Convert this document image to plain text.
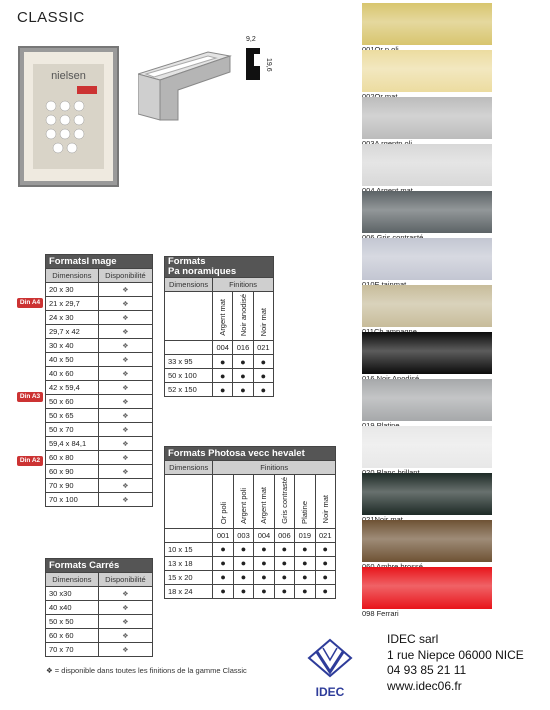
CLASSIC
nielsen
9,2
19,6
FormatsI mage	
Dimensions	Disponibilité
20 x 30	❖
21 x 29,7	❖
24 x 30	❖
29,7 x 42	❖
30 x 40	❖
40 x 50	❖
40 x 60	❖
42 x 59,4	❖
50 x 60	❖
50 x 65	❖
50 x 70	❖
59,4 x 84,1	❖
60 x 80	❖
60 x 90	❖
70 x 90	❖
70 x 100	❖
Din A4
Din A3
Din A2
Formats Carrés	
Dimensions	Disponibilité
30 x30	❖
40 x40	❖
50 x 50	❖
60 x 60	❖
70 x 70	❖
Formats
Pa noramiques			

Dimensions	Finitions		
	Argent mat	Noir anodisé	Noir mat
	004	016	021
33 x 95	●	●	●
50 x 100	●	●	●
52 x 150	●	●	●
Formats Photosa vecc hevalet						
Dimensions	Finitions					
	Or poli	Argent poli	Argent mat	Gris contrasté	Platine	Noir mat
	001	003	004	006	019	021
10 x 15	●	●	●	●	●	●
13 x 18	●	●	●	●	●	●
15 x 20	●	●	●	●	●	●
18 x 24	●	●	●	●	●	●
❖ = disponible dans toutes les finitions de la gamme Classic
098 Ferrari
IDEC
IDEC sarl
1 rue Niepce 06000 NICE
04 93 85 21 11
www.idec06.fr
